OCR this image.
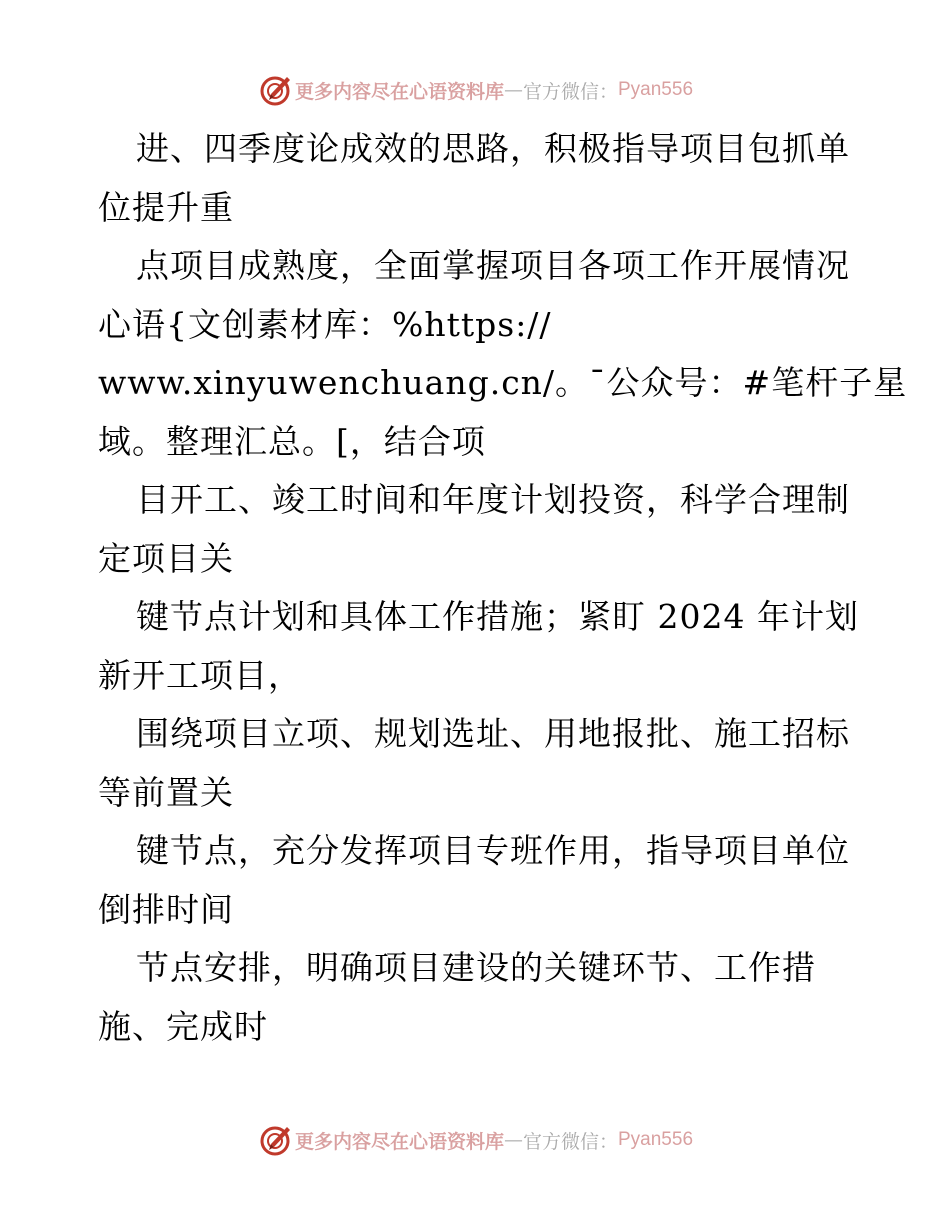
更多内容尽在心语资料库 — 官方微信： Pyan556
进、四季度论成效的思路，积极指导项目包抓单
位提升重
点项目成熟度，全面掌握项目各项工作开展情况
心语{文创素材库：%https://
www.xinyuwenchuang.cn/。¯公众号：#笔杆子星
域。整理汇总。[，结合项
目开工、竣工时间和年度计划投资，科学合理制
定项目关
键节点计划和具体工作措施；紧盯 2024 年计划
新开工项目，
围绕项目立项、规划选址、用地报批、施工招标
等前置关
键节点，充分发挥项目专班作用，指导项目单位
倒排时间
节点安排，明确项目建设的关键环节、工作措
施、完成时
更多内容尽在心语资料库 — 官方微信： Pyan556
